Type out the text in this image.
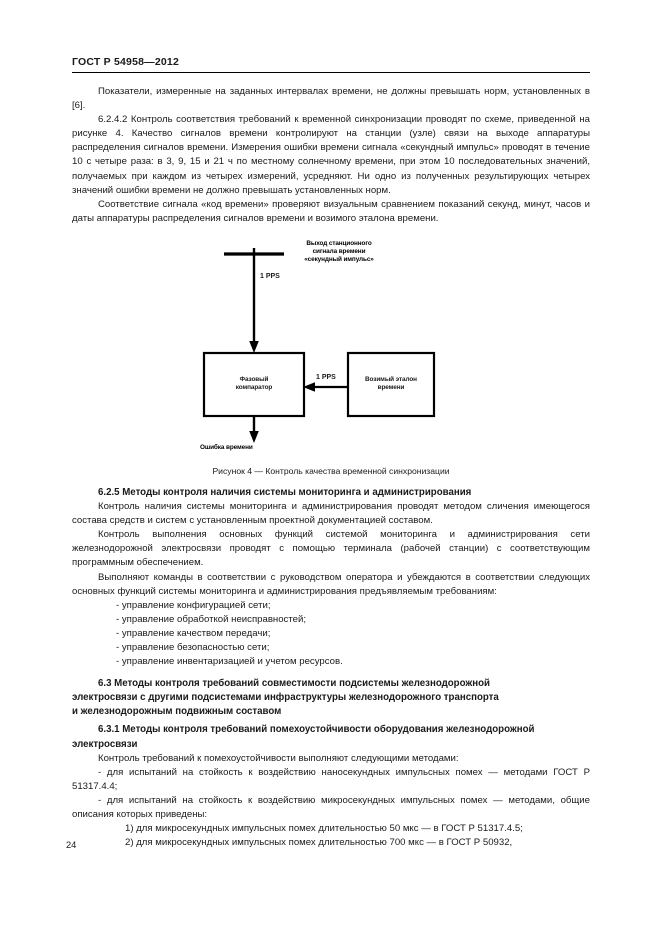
ГОСТ Р 54958—2012

Показатели, измеренные на заданных интервалах времени, не должны превышать норм, установленных в [6].

6.2.4.2 Контроль соответствия требований к временной синхронизации проводят по схеме, приведенной на рисунке 4. Качество сигналов времени контролируют на станции (узле) связи на выходе аппаратуры распределения сигналов времени. Измерения ошибки времени сигнала «секундный импульс» проводят в течение 10 с четыре раза: в 3, 9, 15 и 21 ч по местному солнечному времени, при этом 10 последовательных значений, получаемых при каждом из четырех измерений, усредняют. Ни одно из полученных результирующих четырех значений ошибки времени не должно превышать установленных норм.

Соответствие сигнала «код времени» проверяют визуальным сравнением показаний секунд, минут, часов и даты аппаратуры распределения сигналов времени и возимого эталона времени.

Выход станционного
сигнала времени
«секундный импульс»
1 PPS
Фазовый
компаратор
Возимый эталон
времени
1 PPS
Ошибка времени
Рисунок 4 — Контроль качества временной синхронизации
6.2.5 Методы контроля наличия системы мониторинга и администрирования

Контроль наличия системы мониторинга и администрирования проводят методом сличения имеющегося состава средств и систем с установленным проектной документацией составом.

Контроль выполнения основных функций системой мониторинга и администрирования сети железнодорожной электросвязи проводят с помощью терминала (рабочей станции) с соответствующим программным обеспечением.

Выполняют команды в соответствии с руководством оператора и убеждаются в соответствии следующих основных функций системы мониторинга и администрирования предъявляемым требованиям:

- управление конфигурацией сети;
- управление обработкой неисправностей;
- управление качеством передачи;
- управление безопасностью сети;
- управление инвентаризацией и учетом ресурсов.
6.3 Методы контроля требований совместимости подсистемы железнодорожной
электросвязи с другими подсистемами инфраструктуры железнодорожного транспорта
и железнодорожным подвижным составом
6.3.1 Методы контроля требований помехоустойчивости оборудования железнодорожной
электросвязи

Контроль требований к помехоустойчивости выполняют следующими методами:

- для испытаний на стойкость к воздействию наносекундных импульсных помех — методами ГОСТ Р 51317.4.4;

- для испытаний на стойкость к воздействию микросекундных импульсных помех — методами, общие описания которых приведены:

1) для микросекундных импульсных помех длительностью 50 мкс — в ГОСТ Р 51317.4.5;
2) для микросекундных импульсных помех длительностью 700 мкс — в ГОСТ Р 50932,
24
